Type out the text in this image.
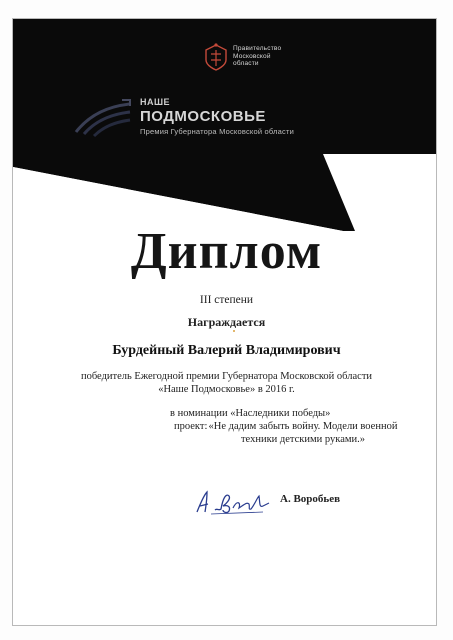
Правительство
Московской
области
НАШЕ
ПОДМОСКОВЬЕ
Премия Губернатора Московской области
Диплом
III степени
Награждается
Бурдейный Валерий Владимирович
победитель Ежегодной премии Губернатора Московской области
«Наше Подмосковье» в 2016 г.
в номинации «Наследники победы»
проект: «Не дадим забыть войну. Модели военной техники детскими руками.»
А. Воробьев
